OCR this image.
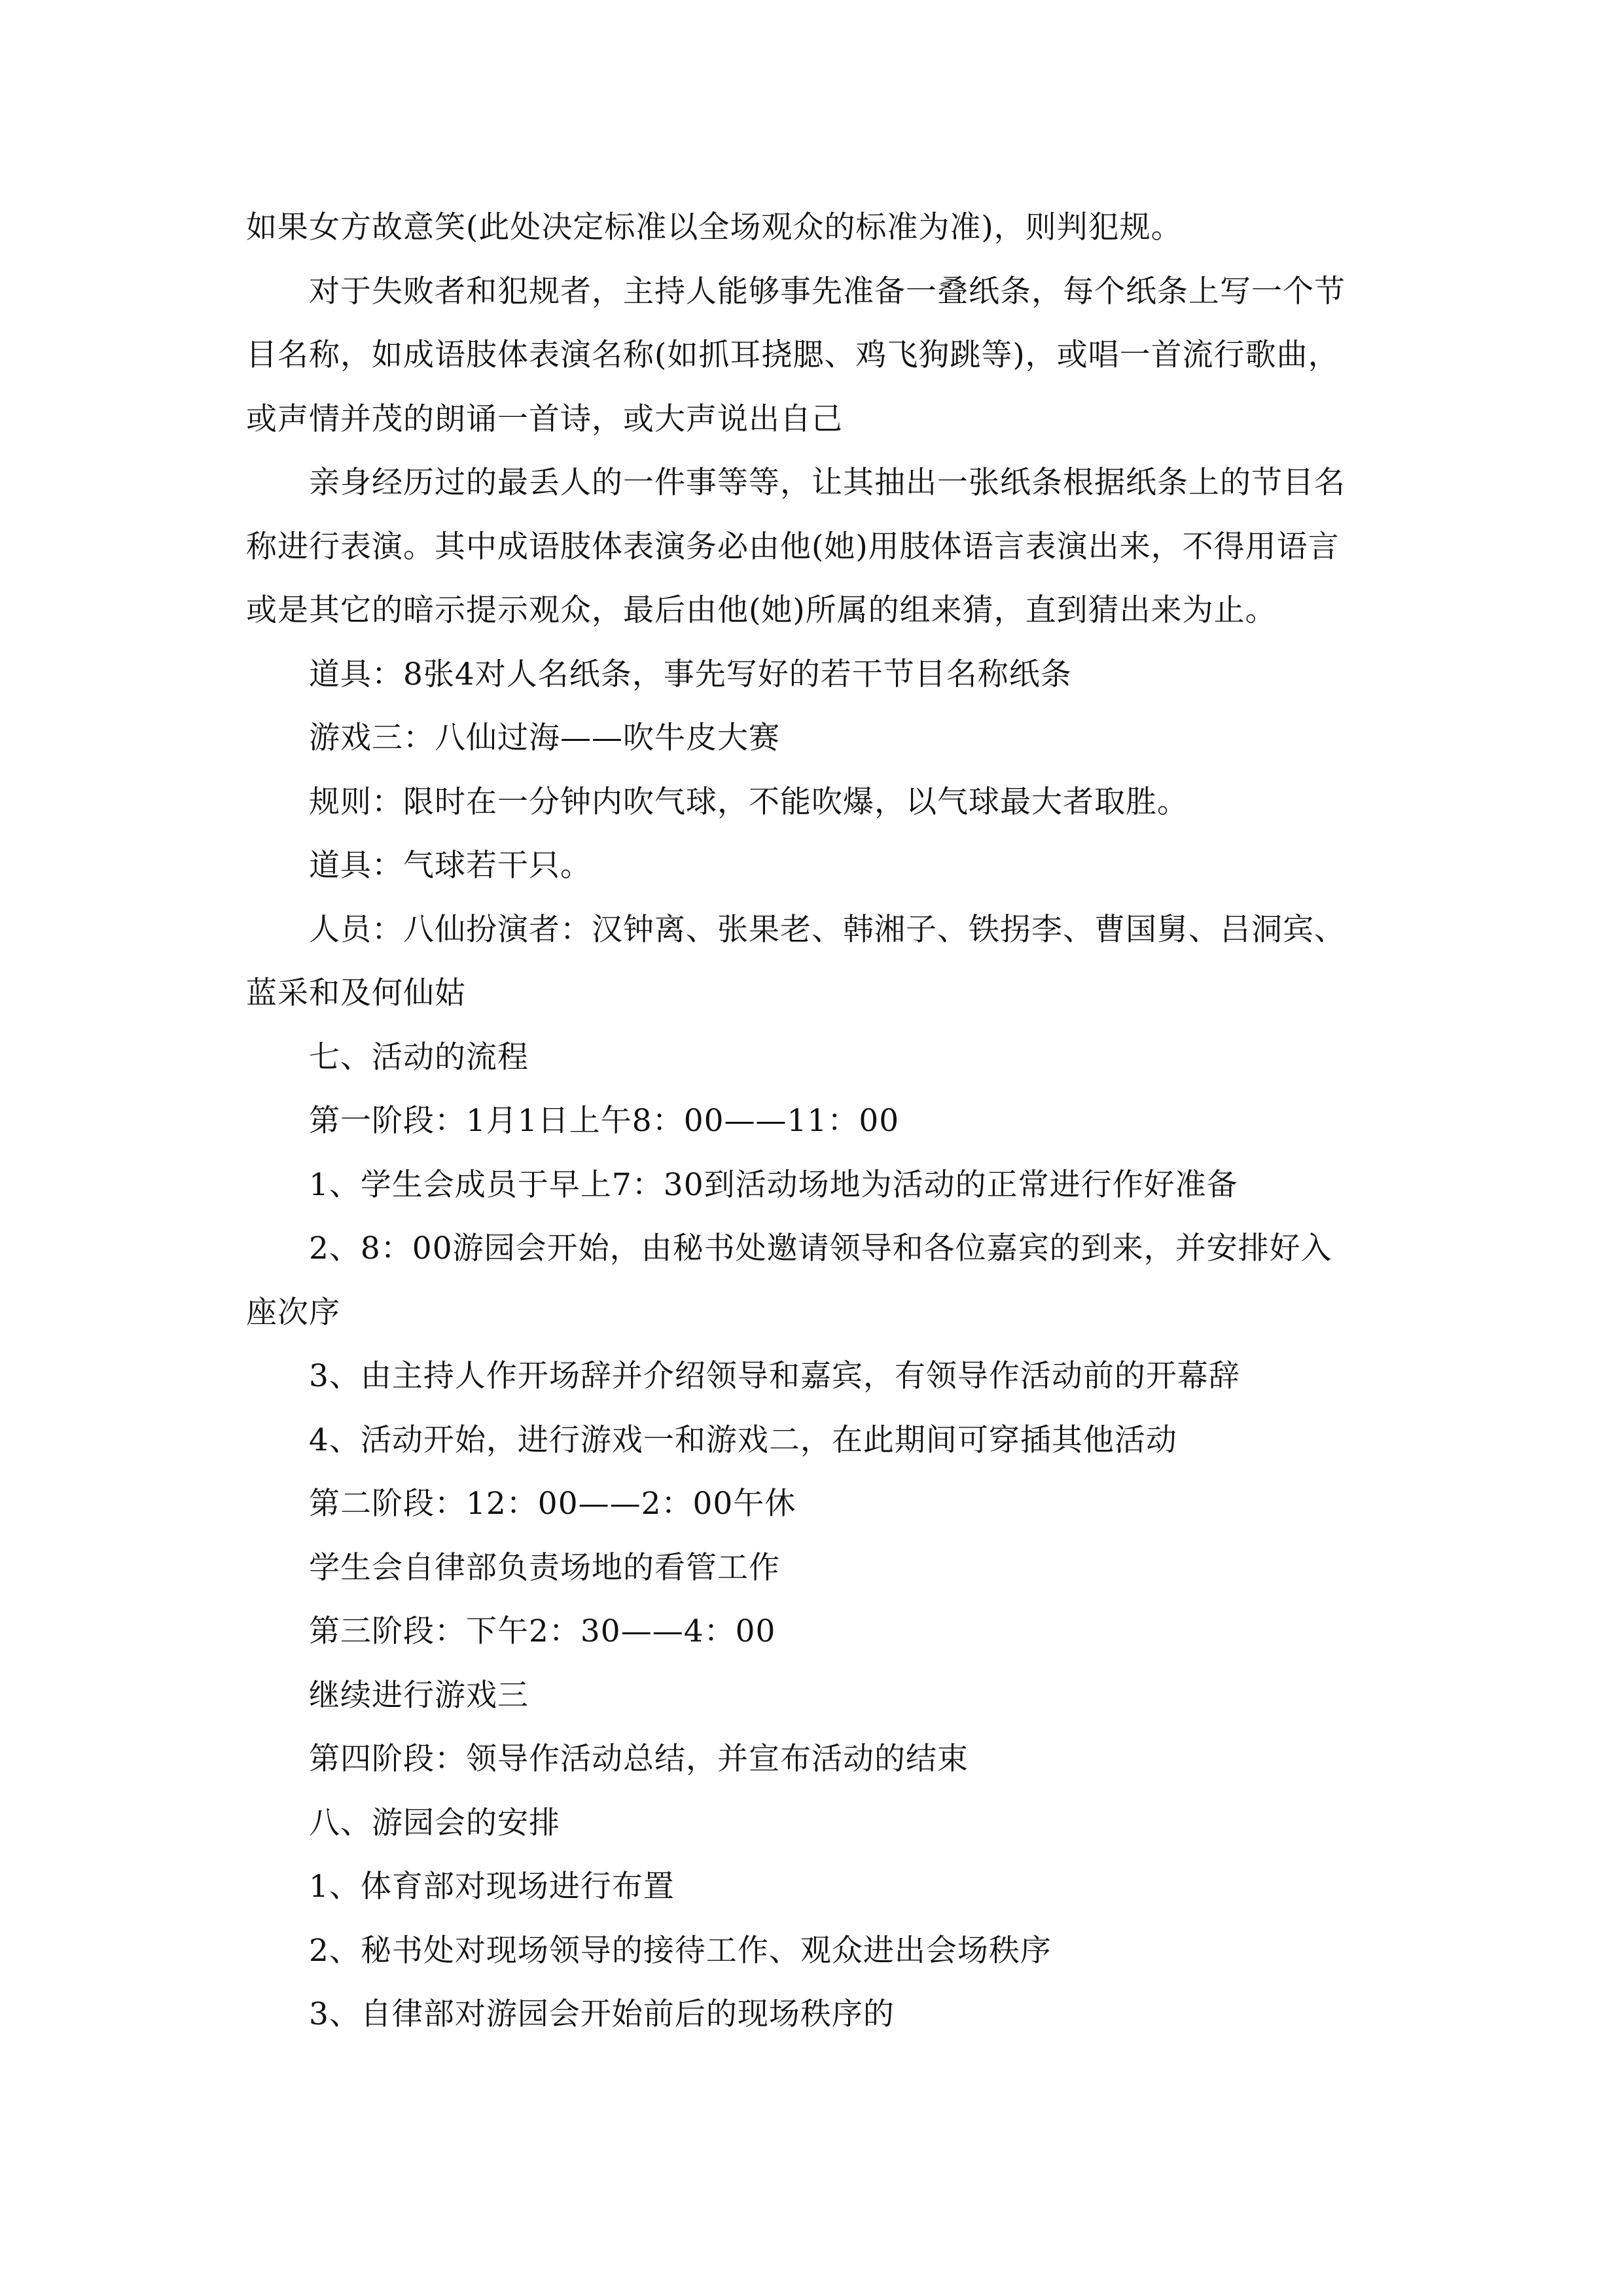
如果女方故意笑(此处决定标准以全场观众的标准为准)，则判犯规。
对于失败者和犯规者，主持人能够事先准备一叠纸条，每个纸条上写一个节
目名称，如成语肢体表演名称(如抓耳挠腮、鸡飞狗跳等)，或唱一首流行歌曲，
或声情并茂的朗诵一首诗，或大声说出自己
亲身经历过的最丢人的一件事等等，让其抽出一张纸条根据纸条上的节目名
称进行表演。其中成语肢体表演务必由他(她)用肢体语言表演出来，不得用语言
或是其它的暗示提示观众，最后由他(她)所属的组来猜，直到猜出来为止。
道具：8张4对人名纸条，事先写好的若干节目名称纸条
游戏三：八仙过海——吹牛皮大赛
规则：限时在一分钟内吹气球，不能吹爆，以气球最大者取胜。
道具：气球若干只。
人员：八仙扮演者：汉钟离、张果老、韩湘子、铁拐李、曹国舅、吕洞宾、
蓝采和及何仙姑
七、活动的流程
第一阶段：1月1日上午8：00——11：00
1、学生会成员于早上7：30到活动场地为活动的正常进行作好准备
2、8：00游园会开始，由秘书处邀请领导和各位嘉宾的到来，并安排好入
座次序
3、由主持人作开场辞并介绍领导和嘉宾，有领导作活动前的开幕辞
4、活动开始，进行游戏一和游戏二，在此期间可穿插其他活动
第二阶段：12：00——2：00午休
学生会自律部负责场地的看管工作
第三阶段：下午2：30——4：00
继续进行游戏三
第四阶段：领导作活动总结，并宣布活动的结束
八、游园会的安排
1、体育部对现场进行布置
2、秘书处对现场领导的接待工作、观众进出会场秩序
3、自律部对游园会开始前后的现场秩序的
